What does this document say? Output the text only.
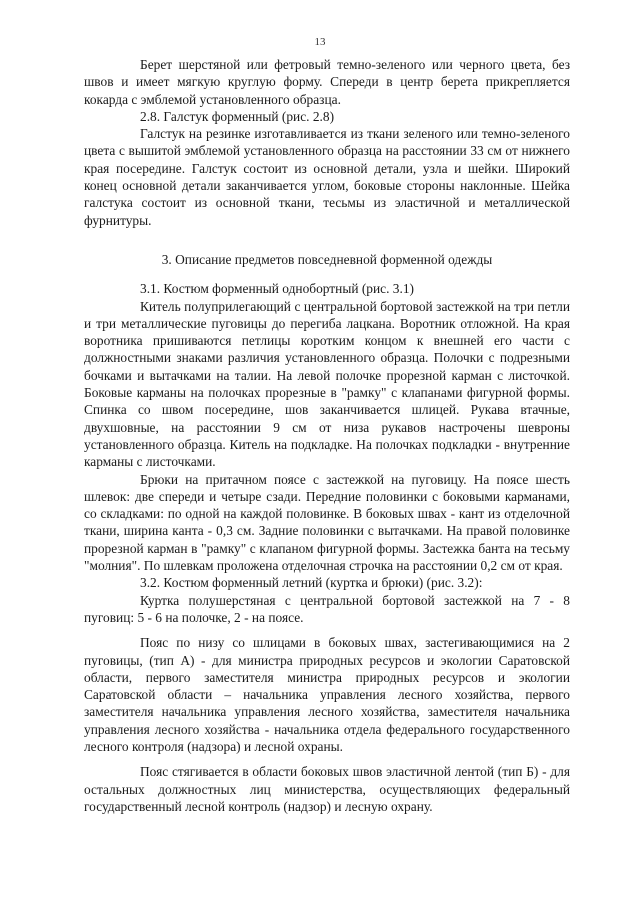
13

Берет шерстяной или фетровый темно-зеленого или черного цвета, без швов и имеет мягкую круглую форму. Спереди в центр берета прикрепляется кокарда с эмблемой установленного образца.

2.8. Галстук форменный (рис. 2.8)

Галстук на резинке изготавливается из ткани зеленого или темно-зеленого цвета с вышитой эмблемой установленного образца на расстоянии 33 см от нижнего края посередине. Галстук состоит из основной детали, узла и шейки. Широкий конец основной детали заканчивается углом, боковые стороны наклонные. Шейка галстука состоит из основной ткани, тесьмы из эластичной и металлической фурнитуры.

3. Описание предметов повседневной форменной одежды

3.1. Костюм форменный однобортный (рис. 3.1)

Китель полуприлегающий с центральной бортовой застежкой на три петли и три металлические пуговицы до перегиба лацкана. Воротник отложной. На края воротника пришиваются петлицы коротким концом к внешней его части с должностными знаками различия установленного образца. Полочки с подрезными бочками и вытачками на талии. На левой полочке прорезной карман с листочкой. Боковые карманы на полочках прорезные в "рамку" с клапанами фигурной формы. Спинка со швом посередине, шов заканчивается шлицей. Рукава втачные, двухшовные, на расстоянии 9 см от низа рукавов настрочены шевроны установленного образца. Китель на подкладке. На полочках подкладки - внутренние карманы с листочками.

Брюки на притачном поясе с застежкой на пуговицу. На поясе шесть шлевок: две спереди и четыре сзади. Передние половинки с боковыми карманами, со складками: по одной на каждой половинке. В боковых швах - кант из отделочной ткани, ширина канта - 0,3 см. Задние половинки с вытачками. На правой половинке прорезной карман в "рамку" с клапаном фигурной формы. Застежка банта на тесьму "молния". По шлевкам проложена отделочная строчка на расстоянии 0,2 см от края.

3.2. Костюм форменный летний (куртка и брюки) (рис. 3.2):

Куртка полушерстяная с центральной бортовой застежкой на 7 - 8 пуговиц: 5 - 6 на полочке, 2 - на поясе.

Пояс по низу со шлицами в боковых швах, застегивающимися на 2 пуговицы, (тип А) - для министра природных ресурсов и экологии Саратовской области, первого заместителя министра природных ресурсов и экологии Саратовской области – начальника управления лесного хозяйства, первого заместителя начальника управления лесного хозяйства, заместителя начальника управления лесного хозяйства - начальника отдела федерального государственного лесного контроля (надзора) и лесной охраны.

Пояс стягивается в области боковых швов эластичной лентой (тип Б) - для остальных должностных лиц министерства, осуществляющих федеральный государственный лесной контроль (надзор) и лесную охрану.
